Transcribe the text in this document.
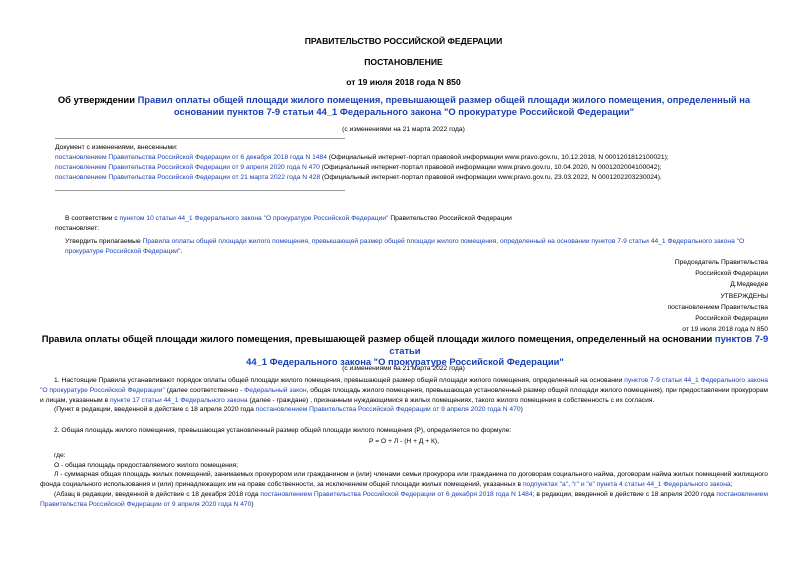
ПРАВИТЕЛЬСТВО РОССИЙСКОЙ ФЕДЕРАЦИИ
ПОСТАНОВЛЕНИЕ
от 19 июля 2018 года N 850
Об утверждении Правил оплаты общей площади жилого помещения, превышающей размер общей площади жилого помещения, определенный на основании пунктов 7-9 статьи 44_1 Федерального закона "О прокуратуре Российской Федерации"
(с изменениями на 21 марта 2022 года)
Документ с изменениями, внесенными:
постановлением Правительства Российской Федерации от 6 декабря 2018 года N 1484 (Официальный интернет-портал правовой информации www.pravo.gov.ru, 10.12.2018, N 0001201812100021);
постановлением Правительства Российской Федерации от 9 апреля 2020 года N 470 (Официальный интернет-портал правовой информации www.pravo.gov.ru, 10.04.2020, N 0001202004100042);
постановлением Правительства Российской Федерации от 21 марта 2022 года N 428 (Официальный интернет-портал правовой информации www.pravo.gov.ru, 23.03.2022, N 0001202203230024).
В соответствии с пунктом 10 статьи 44_1 Федерального закона "О прокуратуре Российской Федерации" Правительство Российской Федерации
постановляет:
Утвердить прилагаемые Правила оплаты общей площади жилого помещения, превышающей размер общей площади жилого помещения, определенный на основании пунктов 7-9 статьи 44_1 Федерального закона "О прокуратуре Российской Федерации".
Председатель Правительства
Российской Федерации
Д.Медведев
УТВЕРЖДЕНЫ
постановлением Правительства
Российской Федерации
от 19 июля 2018 года N 850
Правила оплаты общей площади жилого помещения, превышающей размер общей площади жилого помещения, определенный на основании пунктов 7-9 статьи
44_1 Федерального закона "О прокуратуре Российской Федерации"
(с изменениями на 21 марта 2022 года)
1. Настоящие Правила устанавливают порядок оплаты общей площади жилого помещения, превышающей размер общей площади жилого помещения, определенный на основании пунктов 7-9 статьи 44_1 Федерального закона "О прокуратуре Российской Федерации" (далее соответственно - Федеральный закон, общая площадь жилого помещения, превышающая установленный размер общей площади жилого помещения), при предоставлении прокурорам и лицам, указанным в пункте 17 статьи 44_1 Федерального закона (далее - граждане) , признанным нуждающимися в жилых помещениях, такого жилого помещения в собственность с их согласия.
(Пункт в редакции, введенной в действие с 18 апреля 2020 года постановлением Правительства Российской Федерации от 9 апреля 2020 года N 470)
2. Общая площадь жилого помещения, превышающая установленный размер общей площади жилого помещения (Р), определяется по формуле:
Р = О + Л - (Н + Д + К),
где:
О - общая площадь предоставляемого жилого помещения;
Л - суммарная общая площадь жилых помещений, занимаемых прокурором или гражданином и (или) членами семьи прокурора или гражданина по договорам социального найма, договорам найма жилых помещений жилищного фонда социального использования и (или) принадлежащих им на праве собственности, за исключением общей площади жилых помещений, указанных в подпунктах "а", "г" и "е" пункта 4 статьи 44_1 Федерального закона;
(Абзац в редакции, введенной в действие с 18 декабря 2018 года постановлением Правительства Российской Федерации от 6 декабря 2018 года N 1484; в редакции, введенной в действие с 18 апреля 2020 года постановлением Правительства Российской Федерации от 9 апреля 2020 года N 470)
